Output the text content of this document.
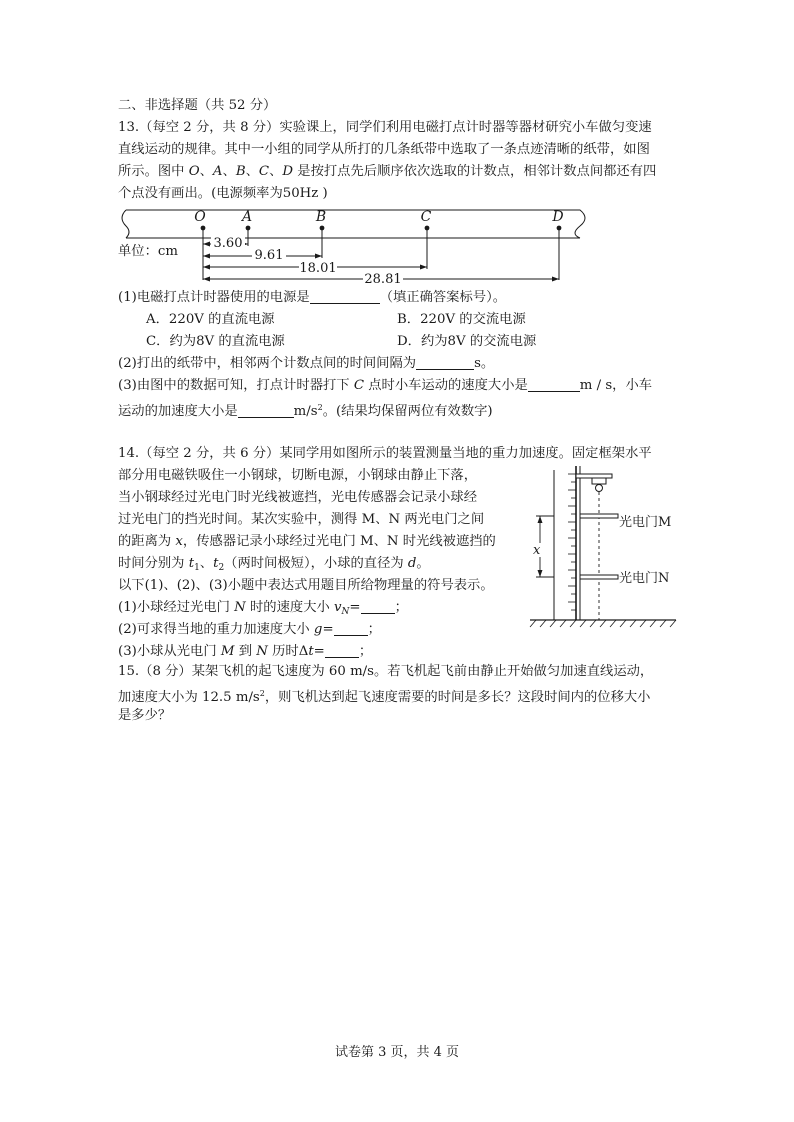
二、非选择题（共 52 分）
13.（每空 2 分，共 8 分）实验课上，同学们利用电磁打点计时器等器材研究小车做匀变速
直线运动的规律。其中一小组的同学从所打的几条纸带中选取了一条点迹清晰的纸带，如图
所示。图中 O、A、B、C、D 是按打点先后顺序依次选取的计数点，相邻计数点间都还有四
个点没有画出。(电源频率为50Hz )
O	A	B	C	D
单位：cm
3.60
9.61
18.01
28.81
(1)电磁打点计时器使用的电源是	（填正确答案标号）。
A．220V 的直流电源	B．220V 的交流电源
C．约为8V 的直流电源	D．约为8V 的交流电源
(2)打出的纸带中，相邻两个计数点间的时间间隔为	s。
(3)由图中的数据可知，打点计时器打下 C 点时小车运动的速度大小是	m / s，小车
运动的加速度大小是	$m/s^2$。(结果均保留两位有效数字)
14.（每空 2 分，共 6 分）某同学用如图所示的装置测量当地的重力加速度。固定框架水平
部分用电磁铁吸住一小钢球，切断电源，小钢球由静止下落，
当小钢球经过光电门时光线被遮挡，光电传感器会记录小球经
过光电门的挡光时间。某次实验中，测得 M、N 两光电门之间
的距离为 x，传感器记录小球经过光电门 M、N 时光线被遮挡的
时间分别为 $t_1$、$t_2$（两时间极短），小球的直径为 d。
以下(1)、(2)、(3)小题中表达式用题目所给物理量的符号表示。
(1)小球经过光电门 N 时的速度大小 $v_N=$	；
(2)可求得当地的重力加速度大小 g=	；
(3)小球从光电门 M 到 N 历时Δt=	；
光电门M
光电门N
x
15.（8 分）某架飞机的起飞速度为 60 m/s。若飞机起飞前由静止开始做匀加速直线运动，
加速度大小为 12.5 $m/s^2$，则飞机达到起飞速度需要的时间是多长？这段时间内的位移大小
是多少？
试卷第 3 页，共 4 页
